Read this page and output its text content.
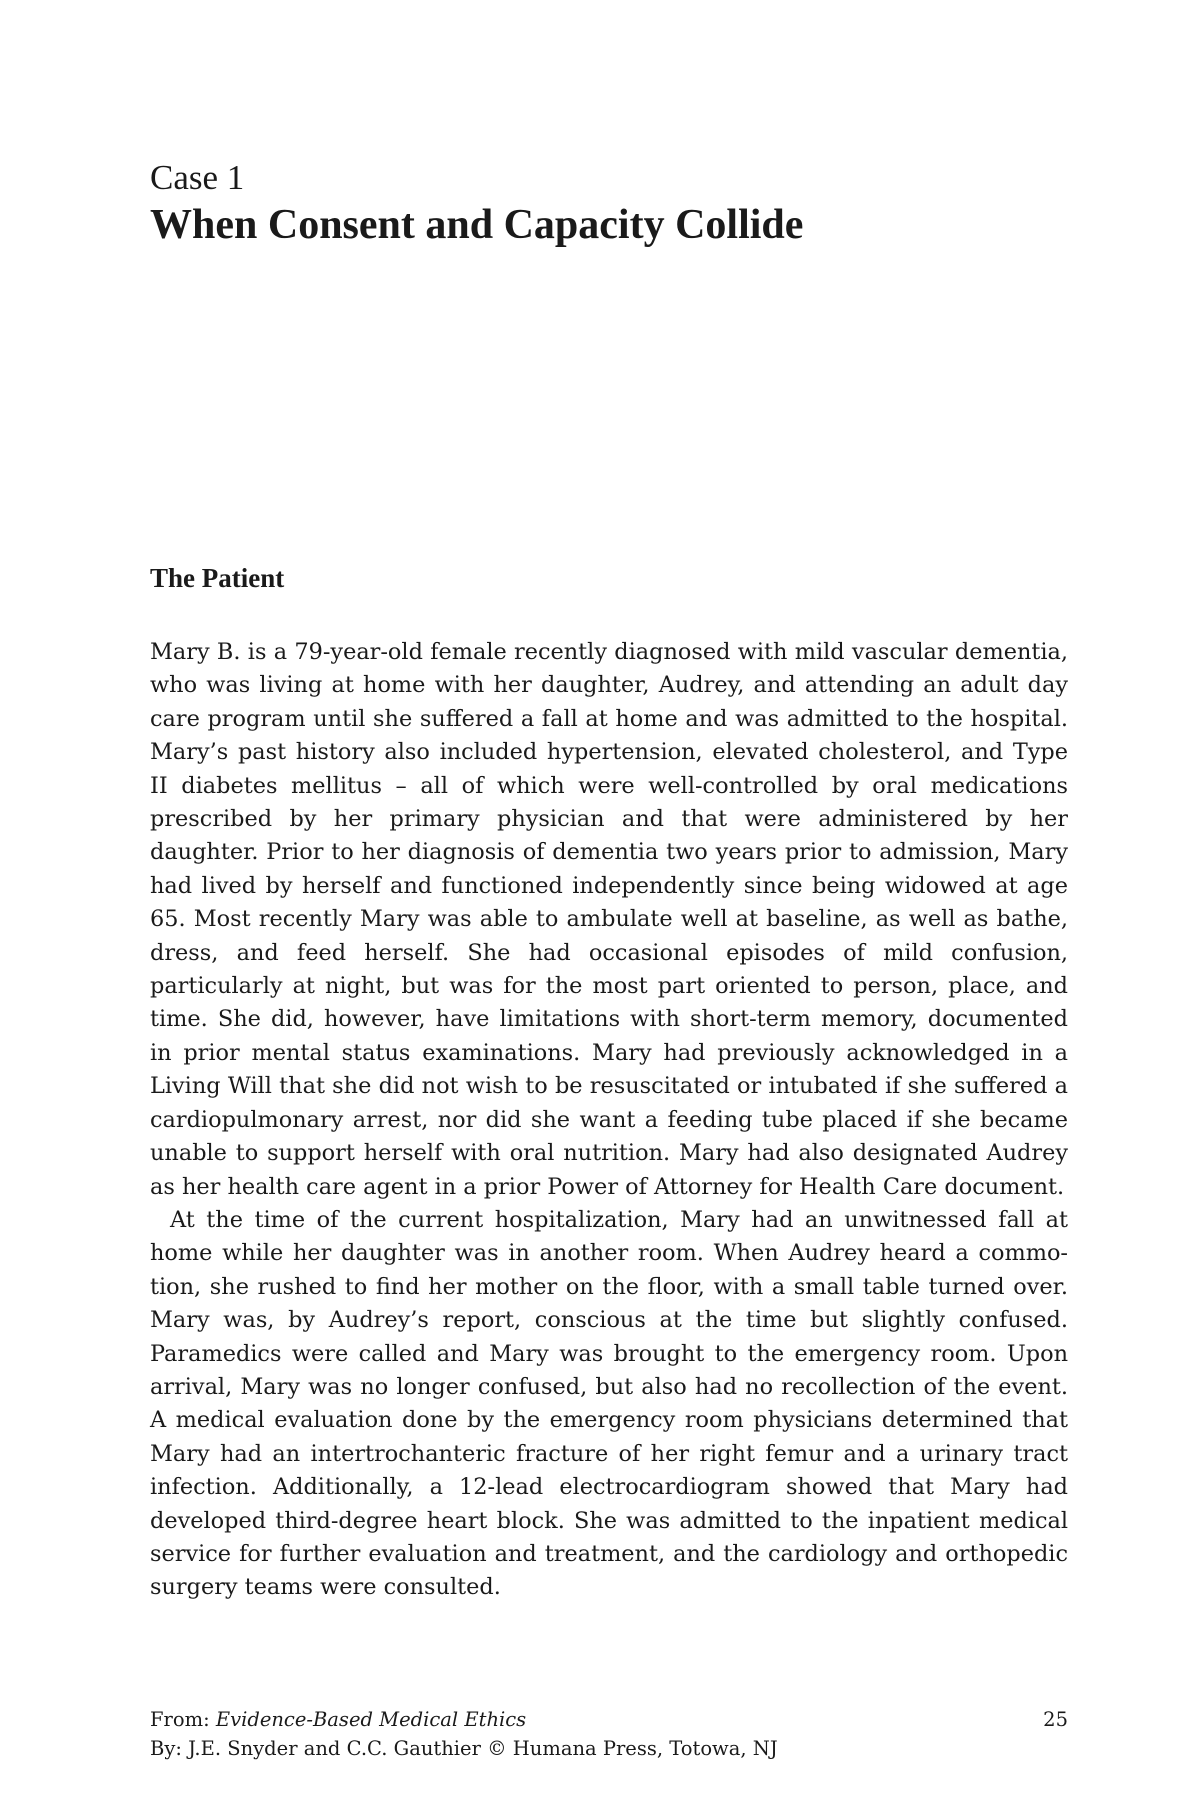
Case 1
When Consent and Capacity Collide
The Patient

Mary B. is a 79-year-old female recently diagnosed with mild vascular dementia, who was living at home with her daughter, Audrey, and attending an adult day care program until she suffered a fall at home and was admitted to the hospital. Mary’s past history also included hypertension, elevated cholesterol, and Type II diabetes mellitus – all of which were well-controlled by oral medications prescribed by her primary physician and that were administered by her daughter. Prior to her diagnosis of dementia two years prior to admission, Mary had lived by herself and functioned independently since being widowed at age 65. Most recently Mary was able to ambulate well at baseline, as well as bathe, dress, and feed herself. She had occasional episodes of mild confusion, particularly at night, but was for the most part oriented to person, place, and time. She did, however, have limitations with short-term memory, documented in prior mental status examinations. Mary had previously acknowledged in a Living Will that she did not wish to be resuscitated or intubated if she suffered a cardiopulmonary arrest, nor did she want a feeding tube placed if she became unable to support herself with oral nutrition. Mary had also designated Audrey as her health care agent in a prior Power of Attorney for Health Care document.

At the time of the current hospitalization, Mary had an unwitnessed fall at home while her daughter was in another room. When Audrey heard a commotion, she rushed to find her mother on the floor, with a small table turned over. Mary was, by Audrey’s report, conscious at the time but slightly confused. Paramedics were called and Mary was brought to the emergency room. Upon arrival, Mary was no longer confused, but also had no recollection of the event. A medical evaluation done by the emergency room physicians determined that Mary had an intertrochanteric fracture of her right femur and a urinary tract infection. Additionally, a 12-lead electrocardiogram showed that Mary had developed third-degree heart block. She was admitted to the inpatient medical service for further evaluation and treatment, and the cardiology and orthopedic surgery teams were consulted.

From: Evidence-Based Medical Ethics	25
By: J.E. Snyder and C.C. Gauthier © Humana Press, Totowa, NJ
